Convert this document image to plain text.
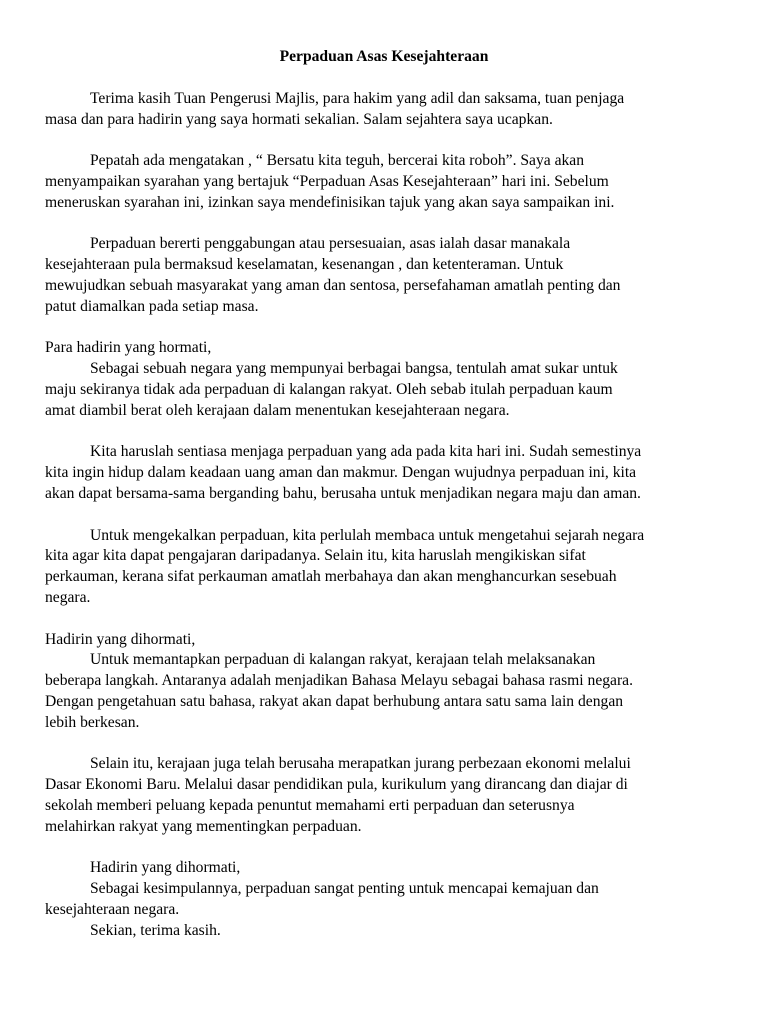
Perpaduan Asas Kesejahteraan

Terima kasih Tuan Pengerusi Majlis, para hakim yang adil dan saksama, tuan penjaga
masa dan para hadirin yang saya hormati sekalian. Salam sejahtera saya ucapkan.

Pepatah ada mengatakan , “ Bersatu kita teguh, bercerai kita roboh”. Saya akan
menyampaikan syarahan yang bertajuk “Perpaduan Asas Kesejahteraan” hari ini. Sebelum
meneruskan syarahan ini, izinkan saya mendefinisikan tajuk yang akan saya sampaikan ini.

Perpaduan bererti penggabungan atau persesuaian, asas ialah dasar manakala
kesejahteraan pula bermaksud keselamatan, kesenangan , dan ketenteraman. Untuk
mewujudkan sebuah masyarakat yang aman dan sentosa, persefahaman amatlah penting dan
patut diamalkan pada setiap masa.

Para hadirin yang hormati,
Sebagai sebuah negara yang mempunyai berbagai bangsa, tentulah amat sukar untuk
maju sekiranya tidak ada perpaduan di kalangan rakyat. Oleh sebab itulah perpaduan kaum
amat diambil berat oleh kerajaan dalam menentukan kesejahteraan negara.

Kita haruslah sentiasa menjaga perpaduan yang ada pada kita hari ini. Sudah semestinya
kita ingin hidup dalam keadaan uang aman dan makmur. Dengan wujudnya perpaduan ini, kita
akan dapat bersama-sama berganding bahu, berusaha untuk menjadikan negara maju dan aman.

Untuk mengekalkan perpaduan, kita perlulah membaca untuk mengetahui sejarah negara
kita agar kita dapat pengajaran daripadanya. Selain itu, kita haruslah mengikiskan sifat
perkauman, kerana sifat perkauman amatlah merbahaya dan akan menghancurkan sesebuah
negara.

Hadirin yang dihormati,
Untuk memantapkan perpaduan di kalangan rakyat, kerajaan telah melaksanakan
beberapa langkah. Antaranya adalah menjadikan Bahasa Melayu sebagai bahasa rasmi negara.
Dengan pengetahuan satu bahasa, rakyat akan dapat berhubung antara satu sama lain dengan
lebih berkesan.

Selain itu, kerajaan juga telah berusaha merapatkan jurang perbezaan ekonomi melalui
Dasar Ekonomi Baru. Melalui dasar pendidikan pula, kurikulum yang dirancang dan diajar di
sekolah memberi peluang kepada penuntut memahami erti perpaduan dan seterusnya
melahirkan rakyat yang mementingkan perpaduan.

Hadirin yang dihormati,
Sebagai kesimpulannya, perpaduan sangat penting untuk mencapai kemajuan dan
kesejahteraan negara.
Sekian, terima kasih.
